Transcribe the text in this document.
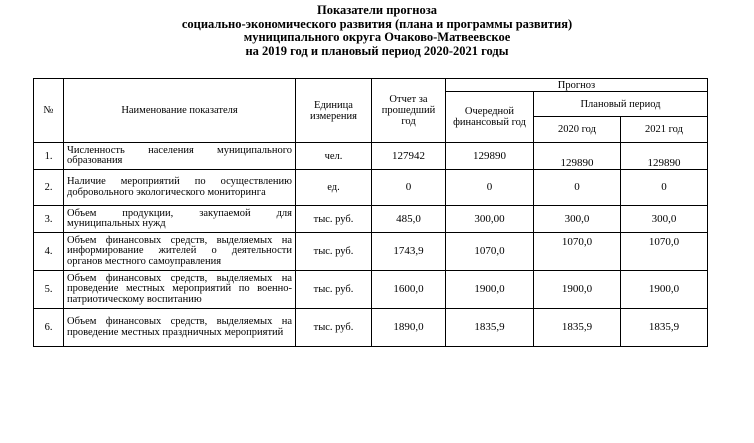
Показатели прогноза
социально-экономического развития (плана и программы развития)
муниципального округа Очаково-Матвеевское
на 2019 год и плановый период 2020-2021 годы
№	Наименование показателя	Единица измерения	Отчет за прошедший год	Прогноз		
				Очередной финансовый год	Плановый период	
					2020 год	2021 год
1.	Численность населения муниципального образования	чел.	127942	129890	129890	129890
2.	Наличие мероприятий по осуществлению добровольного экологического мониторинга	ед.	0	0	0	0
3.	Объем продукции, закупаемой для муниципальных нужд	тыс. руб.	485,0	300,00	300,0	300,0
4.	Объем финансовых средств, выделяемых на информирование жителей о деятельности органов местного самоуправления	тыс. руб.	1743,9	1070,0	1070,0	1070,0
5.	Объем финансовых средств, выделяемых на проведение местных мероприятий по военно-патриотическому воспитанию	тыс. руб.	1600,0	1900,0	1900,0	1900,0
6.	Объем финансовых средств, выделяемых на проведение местных праздничных мероприятий	тыс. руб.	1890,0	1835,9	1835,9	1835,9
